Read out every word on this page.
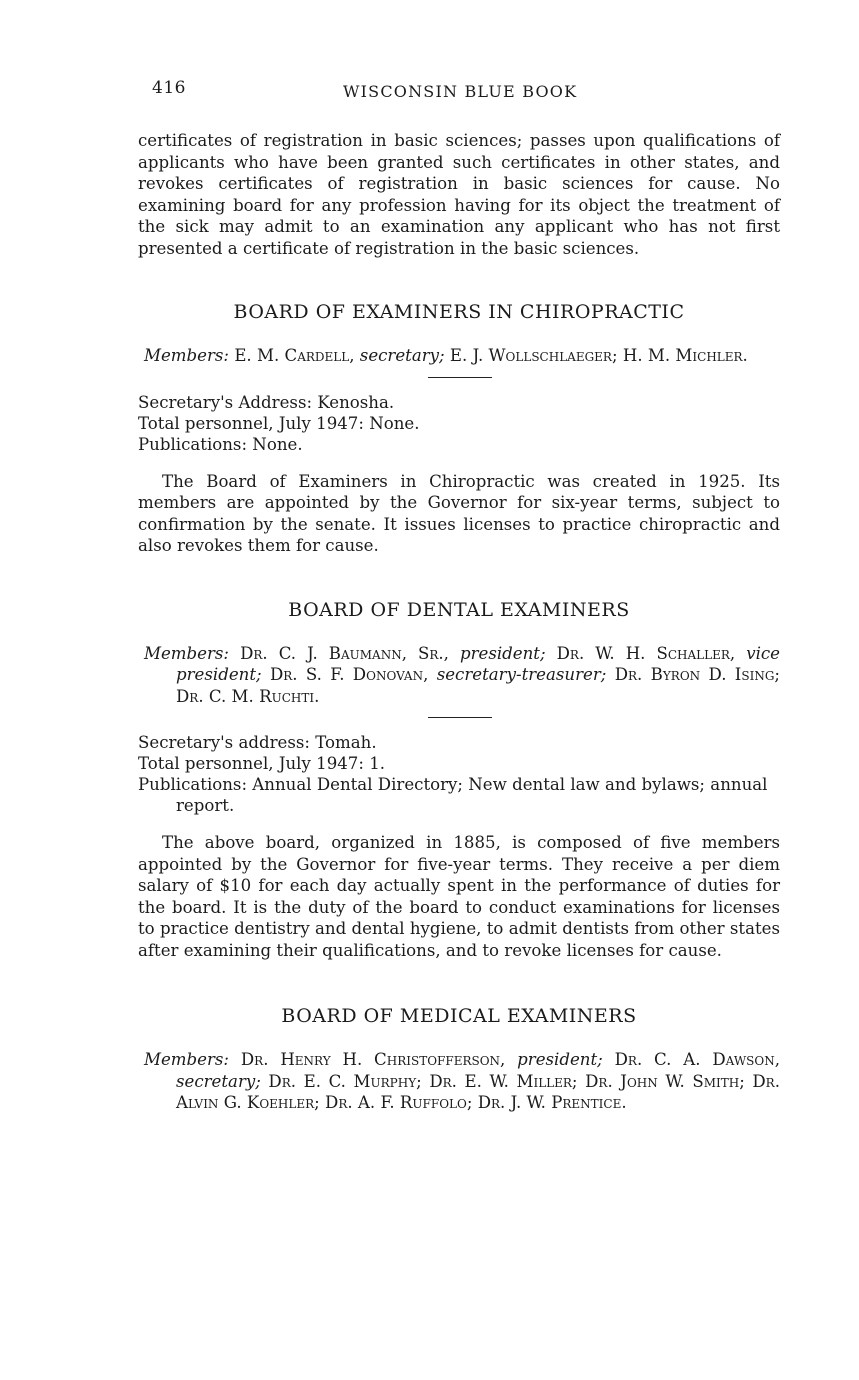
416	WISCONSIN BLUE BOOK

certificates of registration in basic sciences; passes upon qualifications of applicants who have been granted such certificates in other states, and revokes certificates of registration in basic sciences for cause. No examining board for any profession having for its object the treatment of the sick may admit to an examination any applicant who has not first presented a certificate of registration in the basic sciences.

BOARD OF EXAMINERS IN CHIROPRACTIC

Members: E. M. Cardell, secretary; E. J. Wollschlaeger; H. M. Michler.

Secretary's Address: Kenosha.
Total personnel, July 1947: None.
Publications: None.

The Board of Examiners in Chiropractic was created in 1925. Its members are appointed by the Governor for six-year terms, subject to confirmation by the senate. It issues licenses to practice chiropractic and also revokes them for cause.

BOARD OF DENTAL EXAMINERS

Members: Dr. C. J. Baumann, Sr., president; Dr. W. H. Schaller, vice president; Dr. S. F. Donovan, secretary-treasurer; Dr. Byron D. Ising; Dr. C. M. Ruchti.

Secretary's address: Tomah.
Total personnel, July 1947: 1.
Publications: Annual Dental Directory; New dental law and bylaws; annual report.

The above board, organized in 1885, is composed of five members appointed by the Governor for five-year terms. They receive a per diem salary of $10 for each day actually spent in the performance of duties for the board. It is the duty of the board to conduct examinations for licenses to practice dentistry and dental hygiene, to admit dentists from other states after examining their qualifications, and to revoke licenses for cause.

BOARD OF MEDICAL EXAMINERS

Members: Dr. Henry H. Christofferson, president; Dr. C. A. Dawson, secretary; Dr. E. C. Murphy; Dr. E. W. Miller; Dr. John W. Smith; Dr. Alvin G. Koehler; Dr. A. F. Ruffolo; Dr. J. W. Prentice.
